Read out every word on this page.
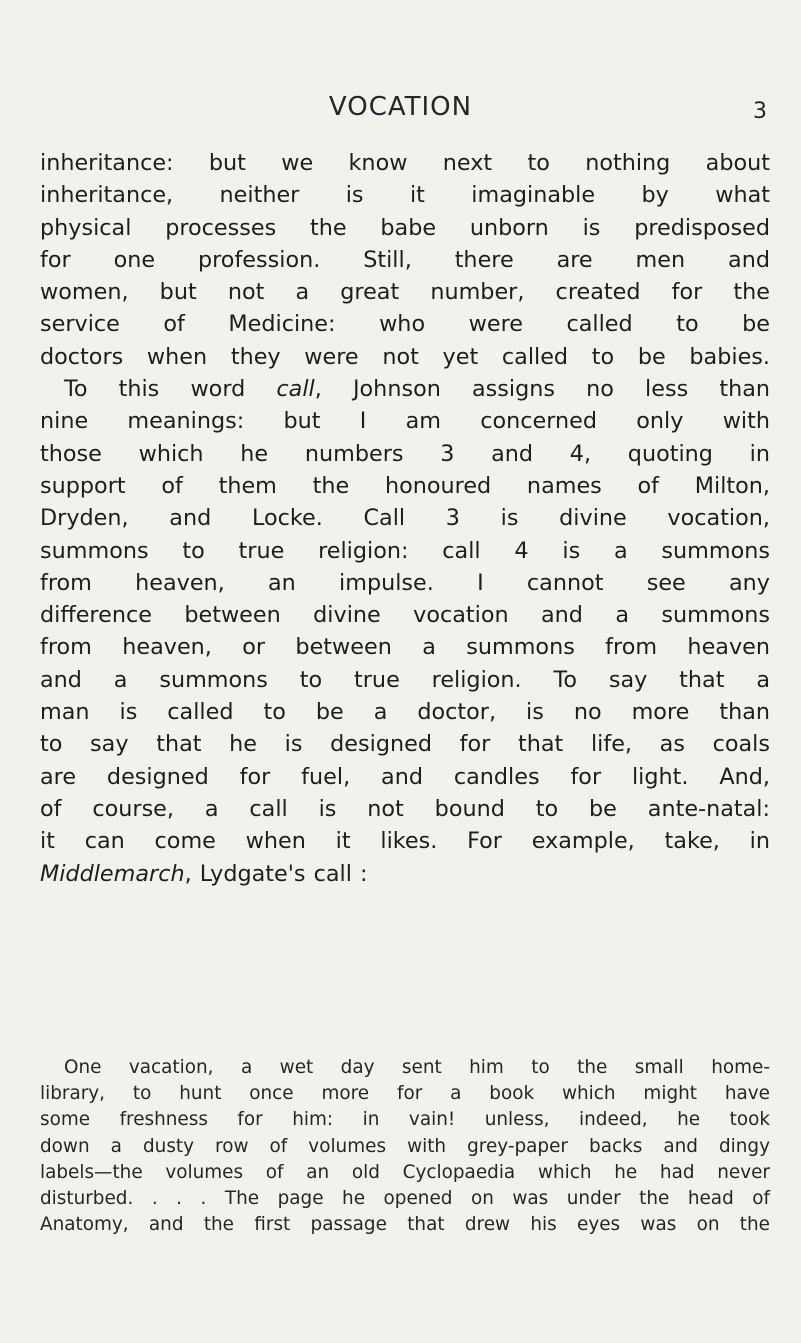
VOCATION	3
inheritance: but we know next to nothing about
inheritance, neither is it imaginable by what
physical processes the babe unborn is predisposed
for one profession. Still, there are men and
women, but not a great number, created for the
service of Medicine: who were called to be
doctors when they were not yet called to be babies.
To this word call, Johnson assigns no less than
nine meanings: but I am concerned only with
those which he numbers 3 and 4, quoting in
support of them the honoured names of Milton,
Dryden, and Locke. Call 3 is divine vocation,
summons to true religion: call 4 is a summons
from heaven, an impulse. I cannot see any
difference between divine vocation and a summons
from heaven, or between a summons from heaven
and a summons to true religion. To say that a
man is called to be a doctor, is no more than
to say that he is designed for that life, as coals
are designed for fuel, and candles for light. And,
of course, a call is not bound to be ante-natal:
it can come when it likes. For example, take, in
Middlemarch, Lydgate's call :
One vacation, a wet day sent him to the small home-
library, to hunt once more for a book which might have
some freshness for him: in vain! unless, indeed, he took
down a dusty row of volumes with grey-paper backs and dingy
labels—the volumes of an old Cyclopaedia which he had never
disturbed. . . . The page he opened on was under the head of
Anatomy, and the first passage that drew his eyes was on the
